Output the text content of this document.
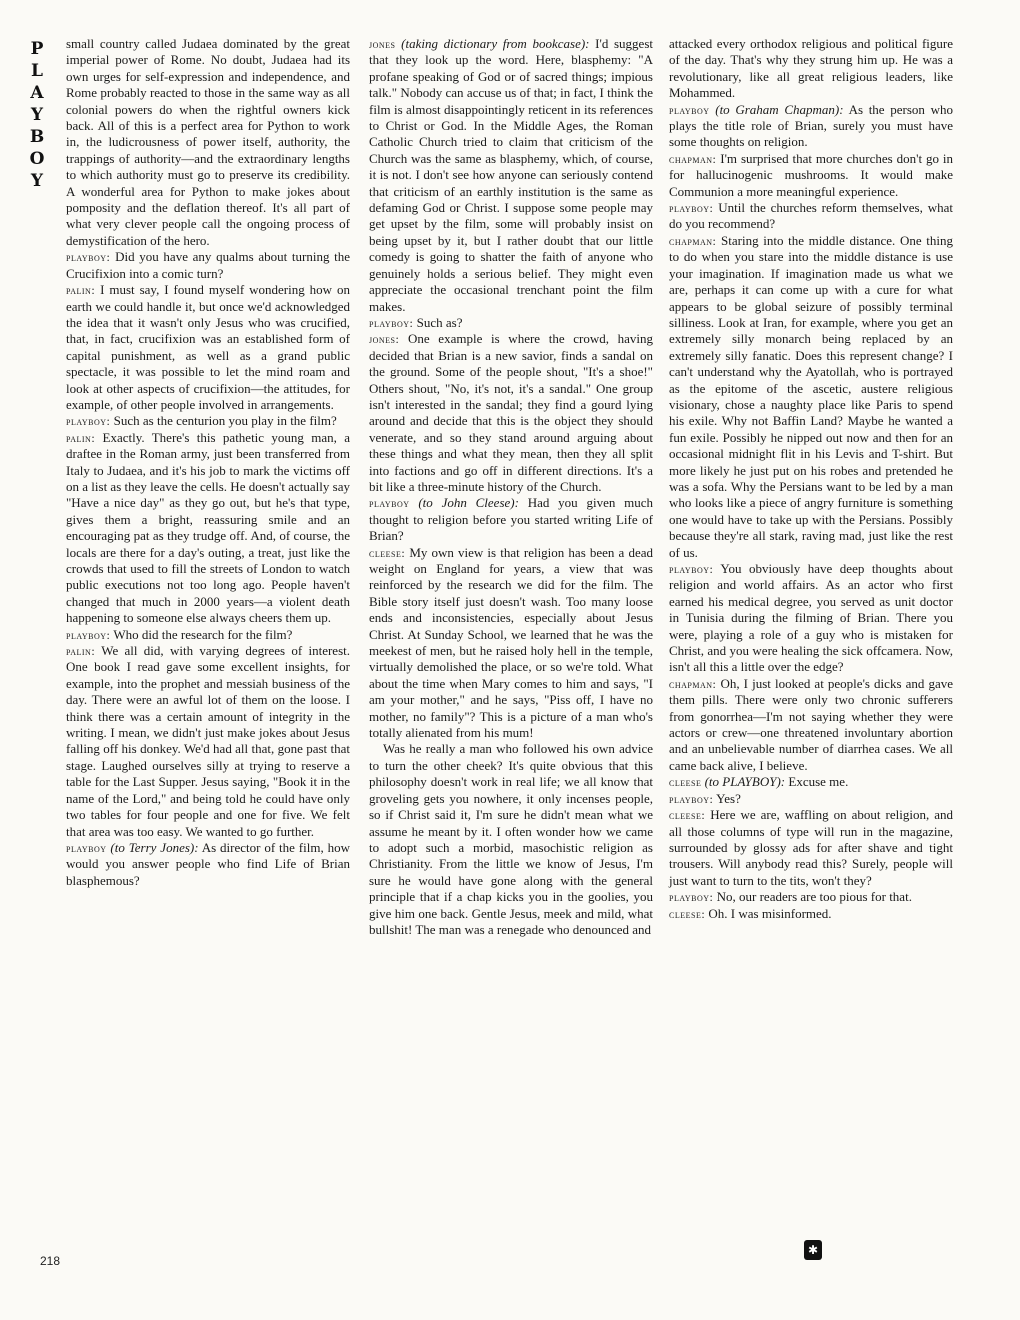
P
L
A
Y
B
O
Y
218

small country called Judaea dominated by the great imperial power of Rome. No doubt, Judaea had its own urges for self-expression and independence, and Rome probably reacted to those in the same way as all colonial powers do when the rightful owners kick back. All of this is a perfect area for Python to work in, the ludicrousness of power itself, authority, the trappings of authority—and the extraordinary lengths to which authority must go to preserve its credibility. A wonderful area for Python to make jokes about pomposity and the deflation thereof. It's all part of what very clever people call the ongoing process of demystification of the hero.

playboy: Did you have any qualms about turning the Crucifixion into a comic turn?

palin: I must say, I found myself wondering how on earth we could handle it, but once we'd acknowledged the idea that it wasn't only Jesus who was crucified, that, in fact, crucifixion was an established form of capital punishment, as well as a grand public spectacle, it was possible to let the mind roam and look at other aspects of crucifixion—the attitudes, for example, of other people involved in arrangements.

playboy: Such as the centurion you play in the film?

palin: Exactly. There's this pathetic young man, a draftee in the Roman army, just been transferred from Italy to Judaea, and it's his job to mark the victims off on a list as they leave the cells. He doesn't actually say "Have a nice day" as they go out, but he's that type, gives them a bright, reassuring smile and an encouraging pat as they trudge off. And, of course, the locals are there for a day's outing, a treat, just like the crowds that used to fill the streets of London to watch public executions not too long ago. People haven't changed that much in 2000 years—a violent death happening to someone else always cheers them up.

playboy: Who did the research for the film?

palin: We all did, with varying degrees of interest. One book I read gave some excellent insights, for example, into the prophet and messiah business of the day. There were an awful lot of them on the loose. I think there was a certain amount of integrity in the writing. I mean, we didn't just make jokes about Jesus falling off his donkey. We'd had all that, gone past that stage. Laughed ourselves silly at trying to reserve a table for the Last Supper. Jesus saying, "Book it in the name of the Lord," and being told he could have only two tables for four people and one for five. We felt that area was too easy. We wanted to go further.

playboy (to Terry Jones): As director of the film, how would you answer people who find Life of Brian blasphemous?

jones (taking dictionary from bookcase): I'd suggest that they look up the word. Here, blasphemy: "A profane speaking of God or of sacred things; impious talk." Nobody can accuse us of that; in fact, I think the film is almost disappointingly reticent in its references to Christ or God. In the Middle Ages, the Roman Catholic Church tried to claim that criticism of the Church was the same as blasphemy, which, of course, it is not. I don't see how anyone can seriously contend that criticism of an earthly institution is the same as defaming God or Christ. I suppose some people may get upset by the film, some will probably insist on being upset by it, but I rather doubt that our little comedy is going to shatter the faith of anyone who genuinely holds a serious belief. They might even appreciate the occasional trenchant point the film makes.

playboy: Such as?

jones: One example is where the crowd, having decided that Brian is a new savior, finds a sandal on the ground. Some of the people shout, "It's a shoe!" Others shout, "No, it's not, it's a sandal." One group isn't interested in the sandal; they find a gourd lying around and decide that this is the object they should venerate, and so they stand around arguing about these things and what they mean, then they all split into factions and go off in different directions. It's a bit like a three-minute history of the Church.

playboy (to John Cleese): Had you given much thought to religion before you started writing Life of Brian?

cleese: My own view is that religion has been a dead weight on England for years, a view that was reinforced by the research we did for the film. The Bible story itself just doesn't wash. Too many loose ends and inconsistencies, especially about Jesus Christ. At Sunday School, we learned that he was the meekest of men, but he raised holy hell in the temple, virtually demolished the place, or so we're told. What about the time when Mary comes to him and says, "I am your mother," and he says, "Piss off, I have no mother, no family"? This is a picture of a man who's totally alienated from his mum!

Was he really a man who followed his own advice to turn the other cheek? It's quite obvious that this philosophy doesn't work in real life; we all know that groveling gets you nowhere, it only incenses people, so if Christ said it, I'm sure he didn't mean what we assume he meant by it. I often wonder how we came to adopt such a morbid, masochistic religion as Christianity. From the little we know of Jesus, I'm sure he would have gone along with the general principle that if a chap kicks you in the goolies, you give him one back. Gentle Jesus, meek and mild, what bullshit! The man was a renegade who denounced and

attacked every orthodox religious and political figure of the day. That's why they strung him up. He was a revolutionary, like all great religious leaders, like Mohammed.

playboy (to Graham Chapman): As the person who plays the title role of Brian, surely you must have some thoughts on religion.

chapman: I'm surprised that more churches don't go in for hallucinogenic mushrooms. It would make Communion a more meaningful experience.

playboy: Until the churches reform themselves, what do you recommend?

chapman: Staring into the middle distance. One thing to do when you stare into the middle distance is use your imagination. If imagination made us what we are, perhaps it can come up with a cure for what appears to be global seizure of possibly terminal silliness. Look at Iran, for example, where you get an extremely silly monarch being replaced by an extremely silly fanatic. Does this represent change? I can't understand why the Ayatollah, who is portrayed as the epitome of the ascetic, austere religious visionary, chose a naughty place like Paris to spend his exile. Why not Baffin Land? Maybe he wanted a fun exile. Possibly he nipped out now and then for an occasional midnight flit in his Levis and T-shirt. But more likely he just put on his robes and pretended he was a sofa. Why the Persians want to be led by a man who looks like a piece of angry furniture is something one would have to take up with the Persians. Possibly because they're all stark, raving mad, just like the rest of us.

playboy: You obviously have deep thoughts about religion and world affairs. As an actor who first earned his medical degree, you served as unit doctor in Tunisia during the filming of Brian. There you were, playing a role of a guy who is mistaken for Christ, and you were healing the sick offcamera. Now, isn't all this a little over the edge?

chapman: Oh, I just looked at people's dicks and gave them pills. There were only two chronic sufferers from gonorrhea—I'm not saying whether they were actors or crew—one threatened involuntary abortion and an unbelievable number of diarrhea cases. We all came back alive, I believe.

cleese (to PLAYBOY): Excuse me.

playboy: Yes?

cleese: Here we are, waffling on about religion, and all those columns of type will run in the magazine, surrounded by glossy ads for after shave and tight trousers. Will anybody read this? Surely, people will just want to turn to the tits, won't they?

playboy: No, our readers are too pious for that.

cleese: Oh. I was misinformed.

✱
